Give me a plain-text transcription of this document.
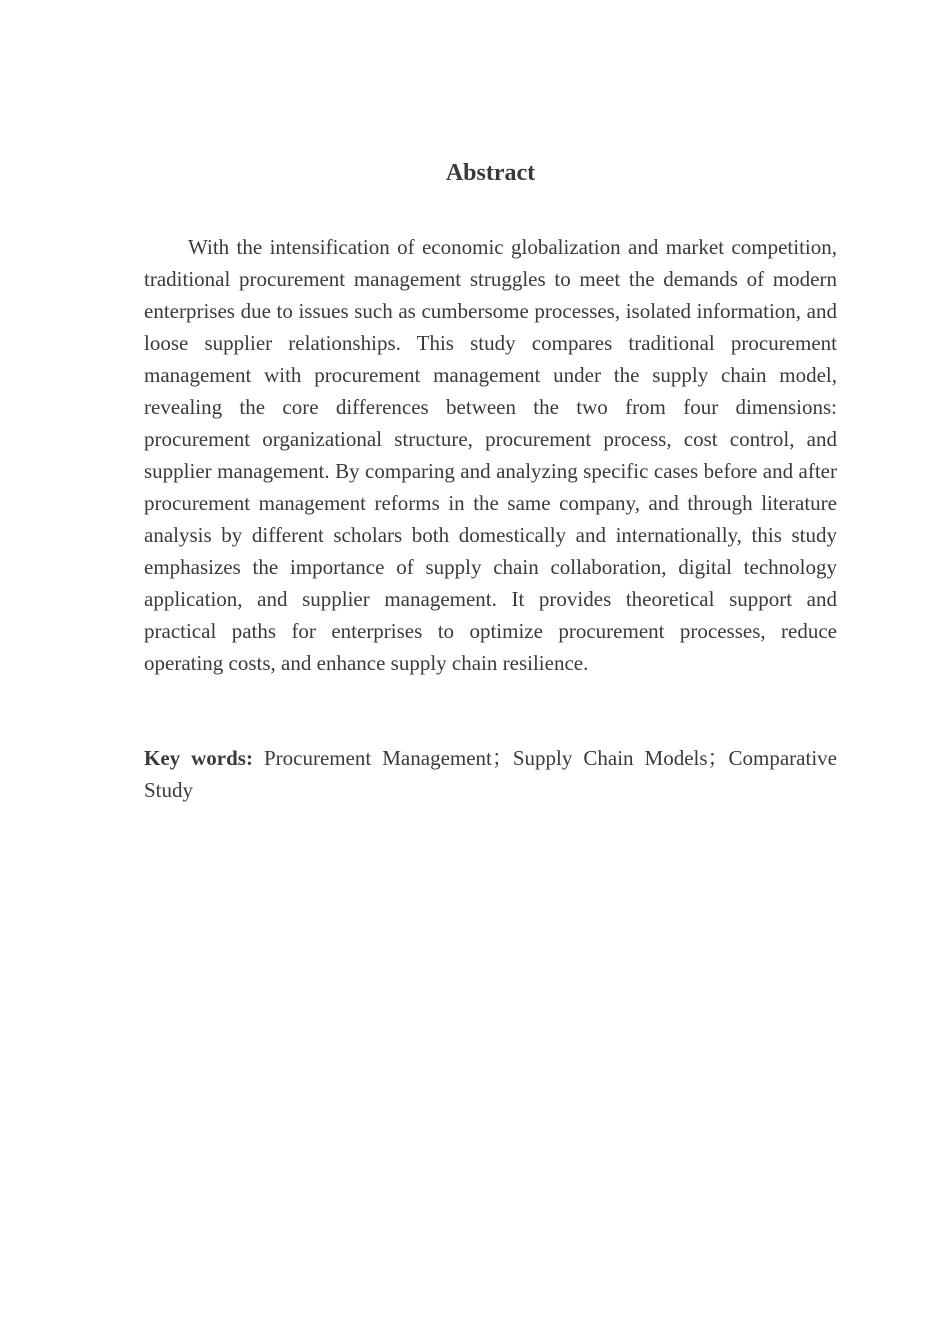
Abstract

With the intensification of economic globalization and market competition, traditional procurement management struggles to meet the demands of modern enterprises due to issues such as cumbersome processes, isolated information, and loose supplier relationships. This study compares traditional procurement management with procurement management under the supply chain model, revealing the core differences between the two from four dimensions: procurement organizational structure, procurement process, cost control, and supplier management. By comparing and analyzing specific cases before and after procurement management reforms in the same company, and through literature analysis by different scholars both domestically and internationally, this study emphasizes the importance of supply chain collaboration, digital technology application, and supplier management. It provides theoretical support and practical paths for enterprises to optimize procurement processes, reduce operating costs, and enhance supply chain resilience.

Key words: Procurement Management；Supply Chain Models；Comparative Study
